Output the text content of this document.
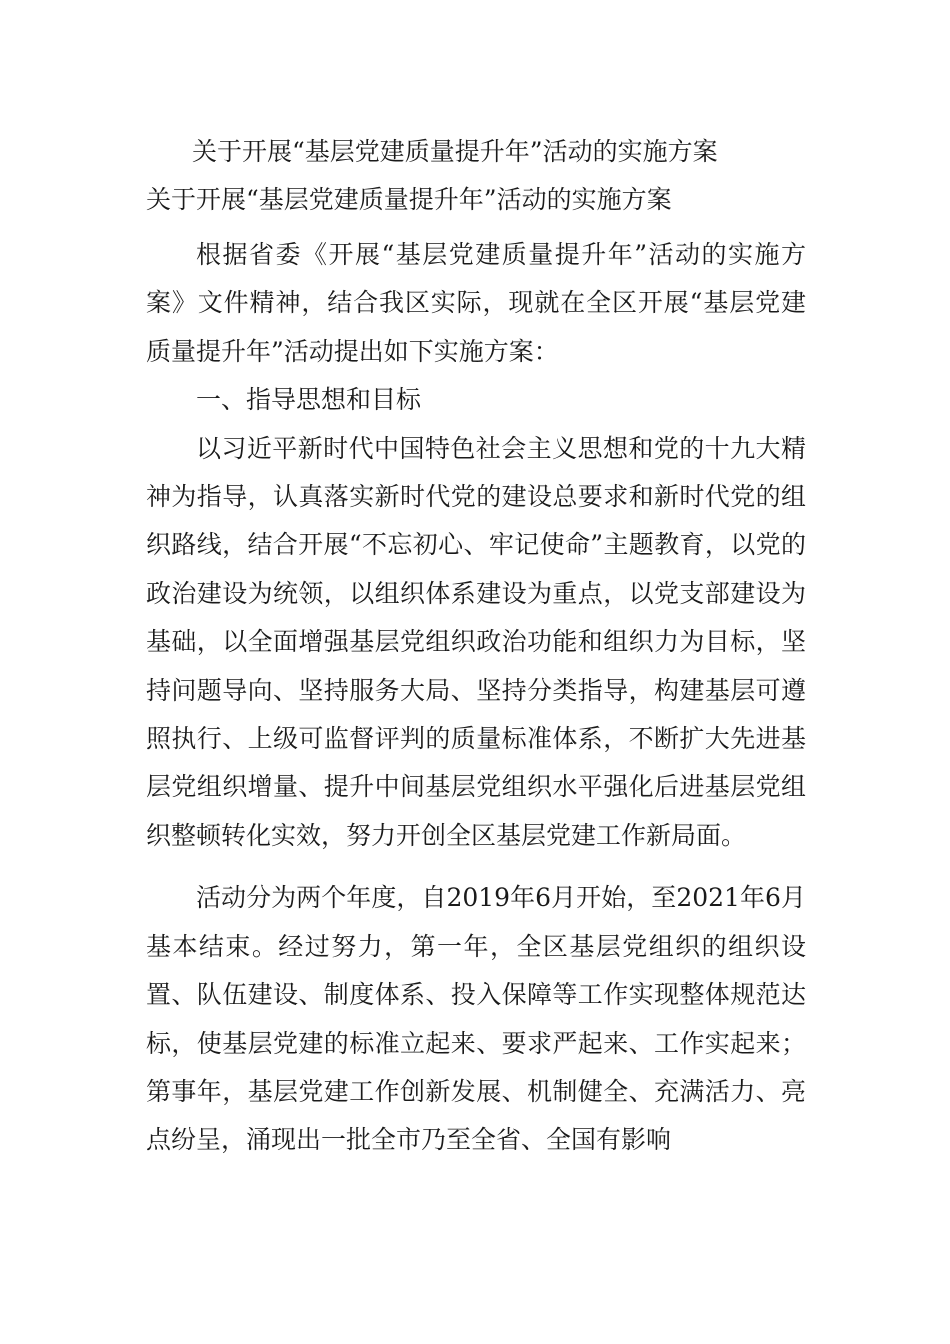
关于开展“基层党建质量提升年”活动的实施方案
关于开展“基层党建质量提升年”活动的实施方案

根据省委《开展“基层党建质量提升年”活动的实施方案》文件精神，结合我区实际，现就在全区开展“基层党建质量提升年”活动提出如下实施方案：

一、指导思想和目标

以习近平新时代中国特色社会主义思想和党的十九大精神为指导，认真落实新时代党的建设总要求和新时代党的组织路线，结合开展“不忘初心、牢记使命”主题教育，以党的政治建设为统领，以组织体系建设为重点，以党支部建设为基础，以全面增强基层党组织政治功能和组织力为目标，坚持问题导向、坚持服务大局、坚持分类指导，构建基层可遵照执行、上级可监督评判的质量标准体系，不断扩大先进基层党组织增量、提升中间基层党组织水平强化后进基层党组织整顿转化实效，努力开创全区基层党建工作新局面。

活动分为两个年度，自2019年6月开始，至2021年6月基本结束。经过努力，第一年，全区基层党组织的组织设置、队伍建设、制度体系、投入保障等工作实现整体规范达标，使基层党建的标准立起来、要求严起来、工作实起来；第事年，基层党建工作创新发展、机制健全、充满活力、亮点纷呈，涌现出一批全市乃至全省、全国有影响
